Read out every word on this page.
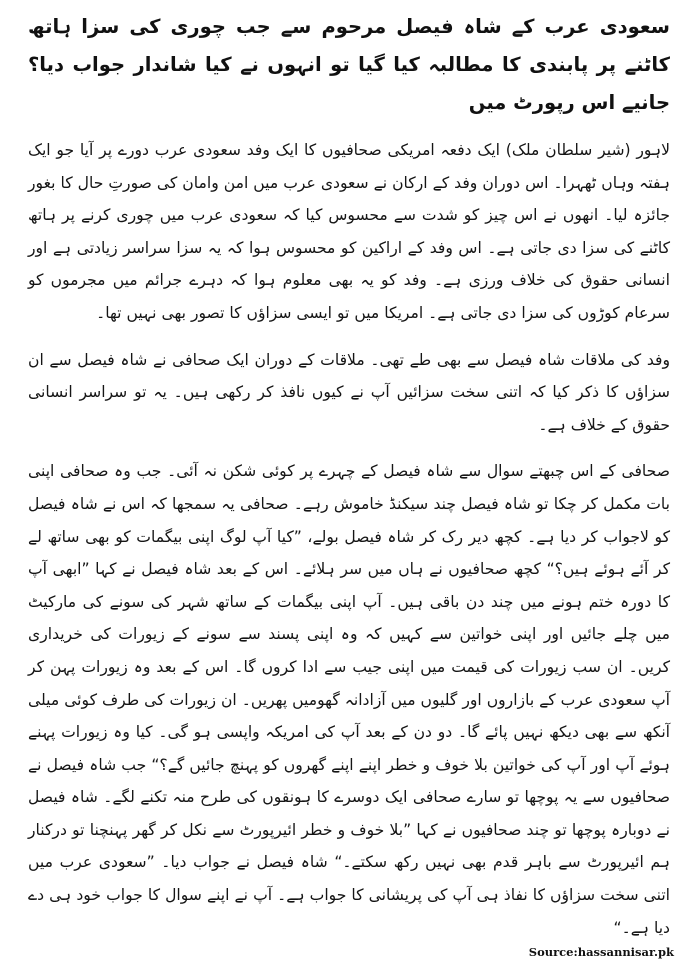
سعودی عرب کے شاہ فیصل مرحوم سے جب چوری کی سزا ہاتھ کاٹنے پر پابندی کا مطالبہ کیا گیا تو انہوں نے کیا شاندار جواب دیا؟ جانیے اس رپورٹ میں

لاہور (شیر سلطان ملک) ایک دفعہ امریکی صحافیوں کا ایک وفد سعودی عرب دورے پر آیا جو ایک ہفتہ وہاں ٹھہرا۔ اس دوران وفد کے ارکان نے سعودی عرب میں امن وامان کی صورتِ حال کا بغور جائزہ لیا۔ انھوں نے اس چیز کو شدت سے محسوس کیا کہ سعودی عرب میں چوری کرنے پر ہاتھ کاٹنے کی سزا دی جاتی ہے۔ اس وفد کے اراکین کو محسوس ہوا کہ یہ سزا سراسر زیادتی ہے اور انسانی حقوق کی خلاف ورزی ہے۔ وفد کو یہ بھی معلوم ہوا کہ دہرے جرائم میں مجرموں کو سرعام کوڑوں کی سزا دی جاتی ہے۔ امریکا میں تو ایسی سزاؤں کا تصور بھی نہیں تھا۔

وفد کی ملاقات شاہ فیصل سے بھی طے تھی۔ ملاقات کے دوران ایک صحافی نے شاہ فیصل سے ان سزاؤں کا ذکر کیا کہ اتنی سخت سزائیں آپ نے کیوں نافذ کر رکھی ہیں۔ یہ تو سراسر انسانی حقوق کے خلاف ہے۔

صحافی کے اس چبھتے سوال سے شاہ فیصل کے چہرے پر کوئی شکن نہ آئی۔ جب وہ صحافی اپنی بات مکمل کر چکا تو شاہ فیصل چند سیکنڈ خاموش رہے۔ صحافی یہ سمجھا کہ اس نے شاہ فیصل کو لاجواب کر دیا ہے۔ کچھ دیر رک کر شاہ فیصل بولے، ”کیا آپ لوگ اپنی بیگمات کو بھی ساتھ لے کر آئے ہوئے ہیں؟“ کچھ صحافیوں نے ہاں میں سر ہلائے۔ اس کے بعد شاہ فیصل نے کہا ”ابھی آپ کا دورہ ختم ہونے میں چند دن باقی ہیں۔ آپ اپنی بیگمات کے ساتھ شہر کی سونے کی مارکیٹ میں چلے جائیں اور اپنی خواتین سے کہیں کہ وہ اپنی پسند سے سونے کے زیورات کی خریداری کریں۔ ان سب زیورات کی قیمت میں اپنی جیب سے ادا کروں گا۔ اس کے بعد وہ زیورات پہن کر آپ سعودی عرب کے بازاروں اور گلیوں میں آزادانہ گھومیں پھریں۔ ان زیورات کی طرف کوئی میلی آنکھ سے بھی دیکھ نہیں پائے گا۔ دو دن کے بعد آپ کی امریکہ واپسی ہو گی۔ کیا وہ زیورات پہنے ہوئے آپ اور آپ کی خواتین بلا خوف و خطر اپنے اپنے گھروں کو پہنچ جائیں گے؟“ جب شاہ فیصل نے صحافیوں سے یہ پوچھا تو سارے صحافی ایک دوسرے کا ہونقوں کی طرح منہ تکنے لگے۔ شاہ فیصل نے دوبارہ پوچھا تو چند صحافیوں نے کہا ”بلا خوف و خطر ائیرپورٹ سے نکل کر گھر پہنچنا تو درکنار ہم ائیرپورٹ سے باہر قدم بھی نہیں رکھ سکتے۔“ شاہ فیصل نے جواب دیا۔ ”سعودی عرب میں اتنی سخت سزاؤں کا نفاذ ہی آپ کی پریشانی کا جواب ہے۔ آپ نے اپنے سوال کا جواب خود ہی دے دیا ہے۔“

Source:hassannisar.pk
